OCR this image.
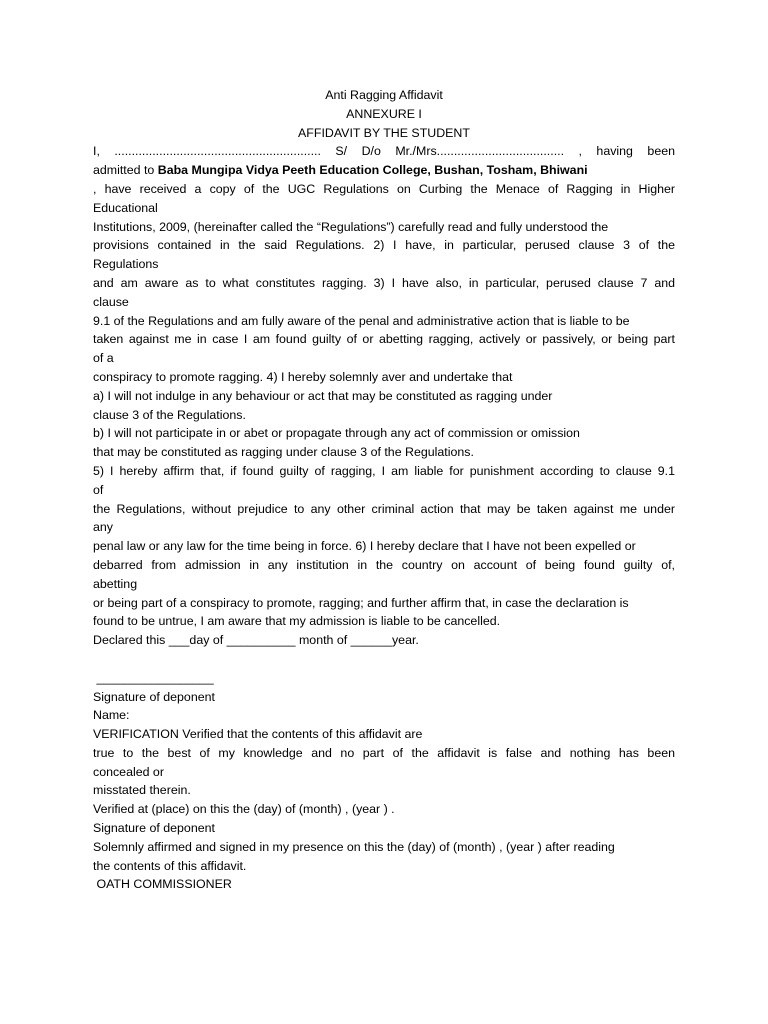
Anti Ragging Affidavit
ANNEXURE I
AFFIDAVIT BY THE STUDENT
I, ............................................................ S/ D/o Mr./Mrs..................................... , having been
admitted to Baba Mungipa Vidya Peeth Education College, Bushan, Tosham, Bhiwani
, have received a copy of the UGC Regulations on Curbing the Menace of Ragging in Higher
Educational
Institutions, 2009, (hereinafter called the “Regulations”) carefully read and fully understood the
provisions contained in the said Regulations. 2) I have, in particular, perused clause 3 of the
Regulations
and am aware as to what constitutes ragging. 3) I have also, in particular, perused clause 7 and
clause
9.1 of the Regulations and am fully aware of the penal and administrative action that is liable to be
taken against me in case I am found guilty of or abetting ragging, actively or passively, or being part
of a
conspiracy to promote ragging. 4) I hereby solemnly aver and undertake that
a) I will not indulge in any behaviour or act that may be constituted as ragging under
clause 3 of the Regulations.
b) I will not participate in or abet or propagate through any act of commission or omission
that may be constituted as ragging under clause 3 of the Regulations.
5) I hereby affirm that, if found guilty of ragging, I am liable for punishment according to clause 9.1
of
the Regulations, without prejudice to any other criminal action that may be taken against me under
any
penal law or any law for the time being in force. 6) I hereby declare that I have not been expelled or
debarred from admission in any institution in the country on account of being found guilty of,
abetting
or being part of a conspiracy to promote, ragging; and further affirm that, in case the declaration is
found to be untrue, I am aware that my admission is liable to be cancelled.
Declared this ___day of __________ month of ______year.
_________________
Signature of deponent
Name:
VERIFICATION Verified that the contents of this affidavit are
true to the best of my knowledge and no part of the affidavit is false and nothing has been
concealed or
misstated therein.
Verified at (place) on this the (day) of (month) , (year ) .
Signature of deponent
Solemnly affirmed and signed in my presence on this the (day) of (month) , (year ) after reading
the contents of this affidavit.
OATH COMMISSIONER
